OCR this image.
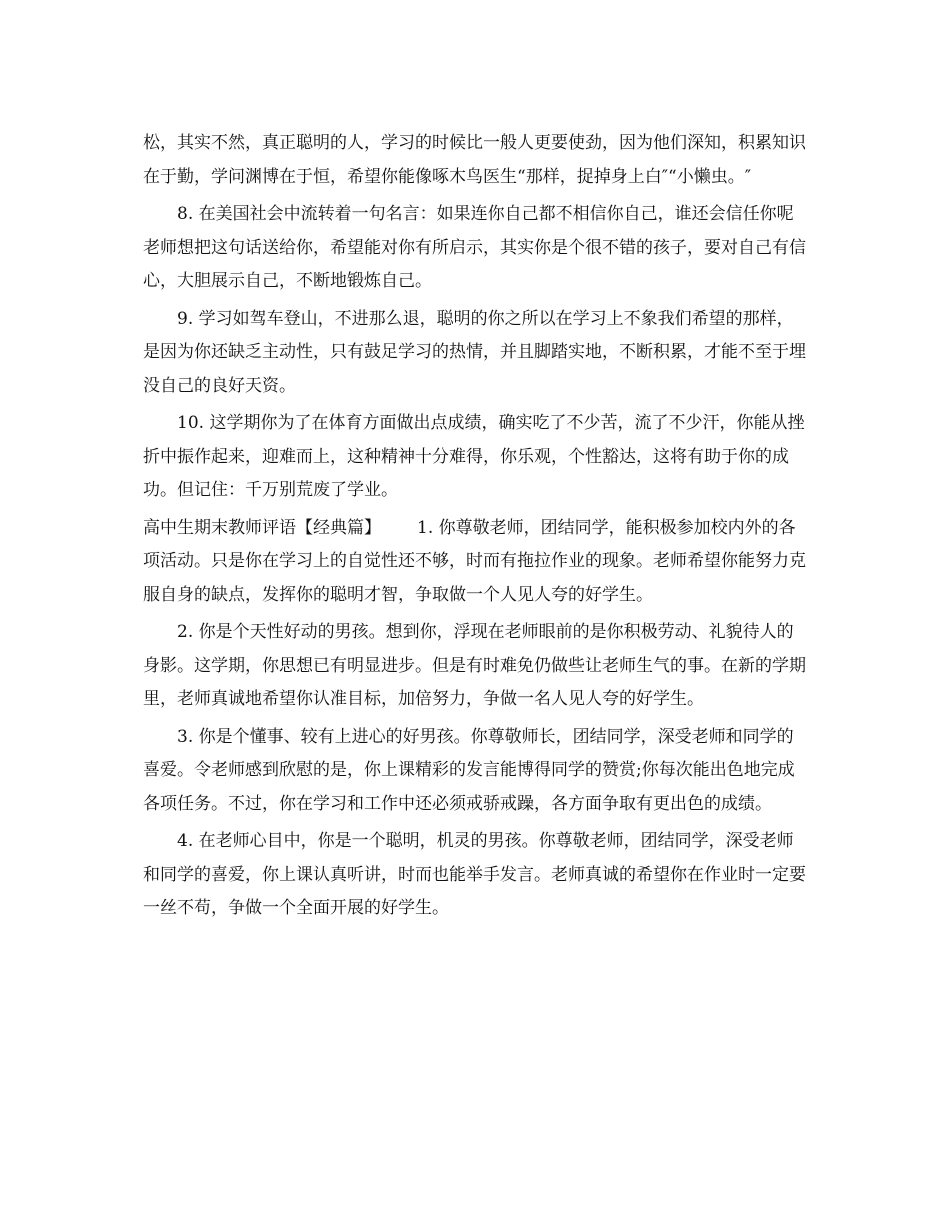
松，其实不然，真正聪明的人，学习的时候比一般人更要使劲，因为他们深知，积累知识在于勤，学问渊博在于恒，希望你能像啄木鸟医生“那样，捉掉身上白″“小懒虫。″

8. 在美国社会中流转着一句名言：如果连你自己都不相信你自己，谁还会信任你呢老师想把这句话送给你，希望能对你有所启示，其实你是个很不错的孩子，要对自己有信心，大胆展示自己，不断地锻炼自己。

9. 学习如驾车登山，不进那么退，聪明的你之所以在学习上不象我们希望的那样，是因为你还缺乏主动性，只有鼓足学习的热情，并且脚踏实地，不断积累，才能不至于埋没自己的良好天资。

10. 这学期你为了在体育方面做出点成绩，确实吃了不少苦，流了不少汗，你能从挫折中振作起来，迎难而上，这种精神十分难得，你乐观，个性豁达，这将有助于你的成功。但记住：千万别荒废了学业。

高中生期末教师评语【经典篇】 1. 你尊敬老师，团结同学，能积极参加校内外的各项活动。只是你在学习上的自觉性还不够，时而有拖拉作业的现象。老师希望你能努力克服自身的缺点，发挥你的聪明才智，争取做一个人见人夸的好学生。

2. 你是个天性好动的男孩。想到你，浮现在老师眼前的是你积极劳动、礼貌待人的身影。这学期，你思想已有明显进步。但是有时难免仍做些让老师生气的事。在新的学期里，老师真诚地希望你认准目标，加倍努力，争做一名人见人夸的好学生。

3. 你是个懂事、较有上进心的好男孩。你尊敬师长，团结同学，深受老师和同学的喜爱。令老师感到欣慰的是，你上课精彩的发言能博得同学的赞赏;你每次能出色地完成各项任务。不过，你在学习和工作中还必须戒骄戒躁，各方面争取有更出色的成绩。

4. 在老师心目中，你是一个聪明，机灵的男孩。你尊敬老师，团结同学，深受老师和同学的喜爱，你上课认真听讲，时而也能举手发言。老师真诚的希望你在作业时一定要一丝不苟，争做一个全面开展的好学生。
